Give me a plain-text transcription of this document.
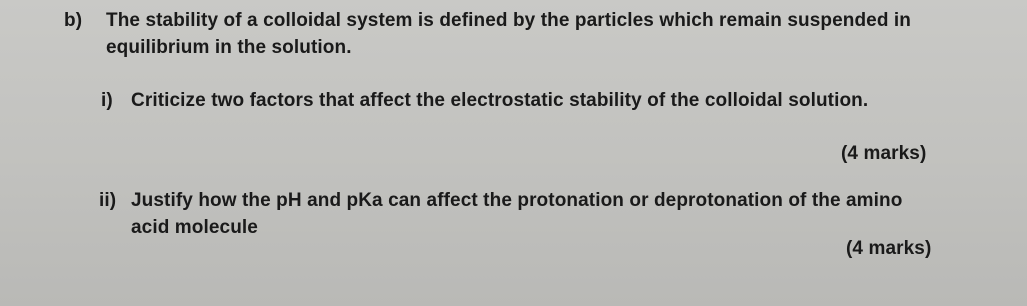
b) The stability of a colloidal system is defined by the particles which remain suspended in
equilibrium in the solution.
i) Criticize two factors that affect the electrostatic stability of the colloidal solution.
(4 marks)
ii) Justify how the pH and pKa can affect the protonation or deprotonation of the amino
acid molecule
(4 marks)
